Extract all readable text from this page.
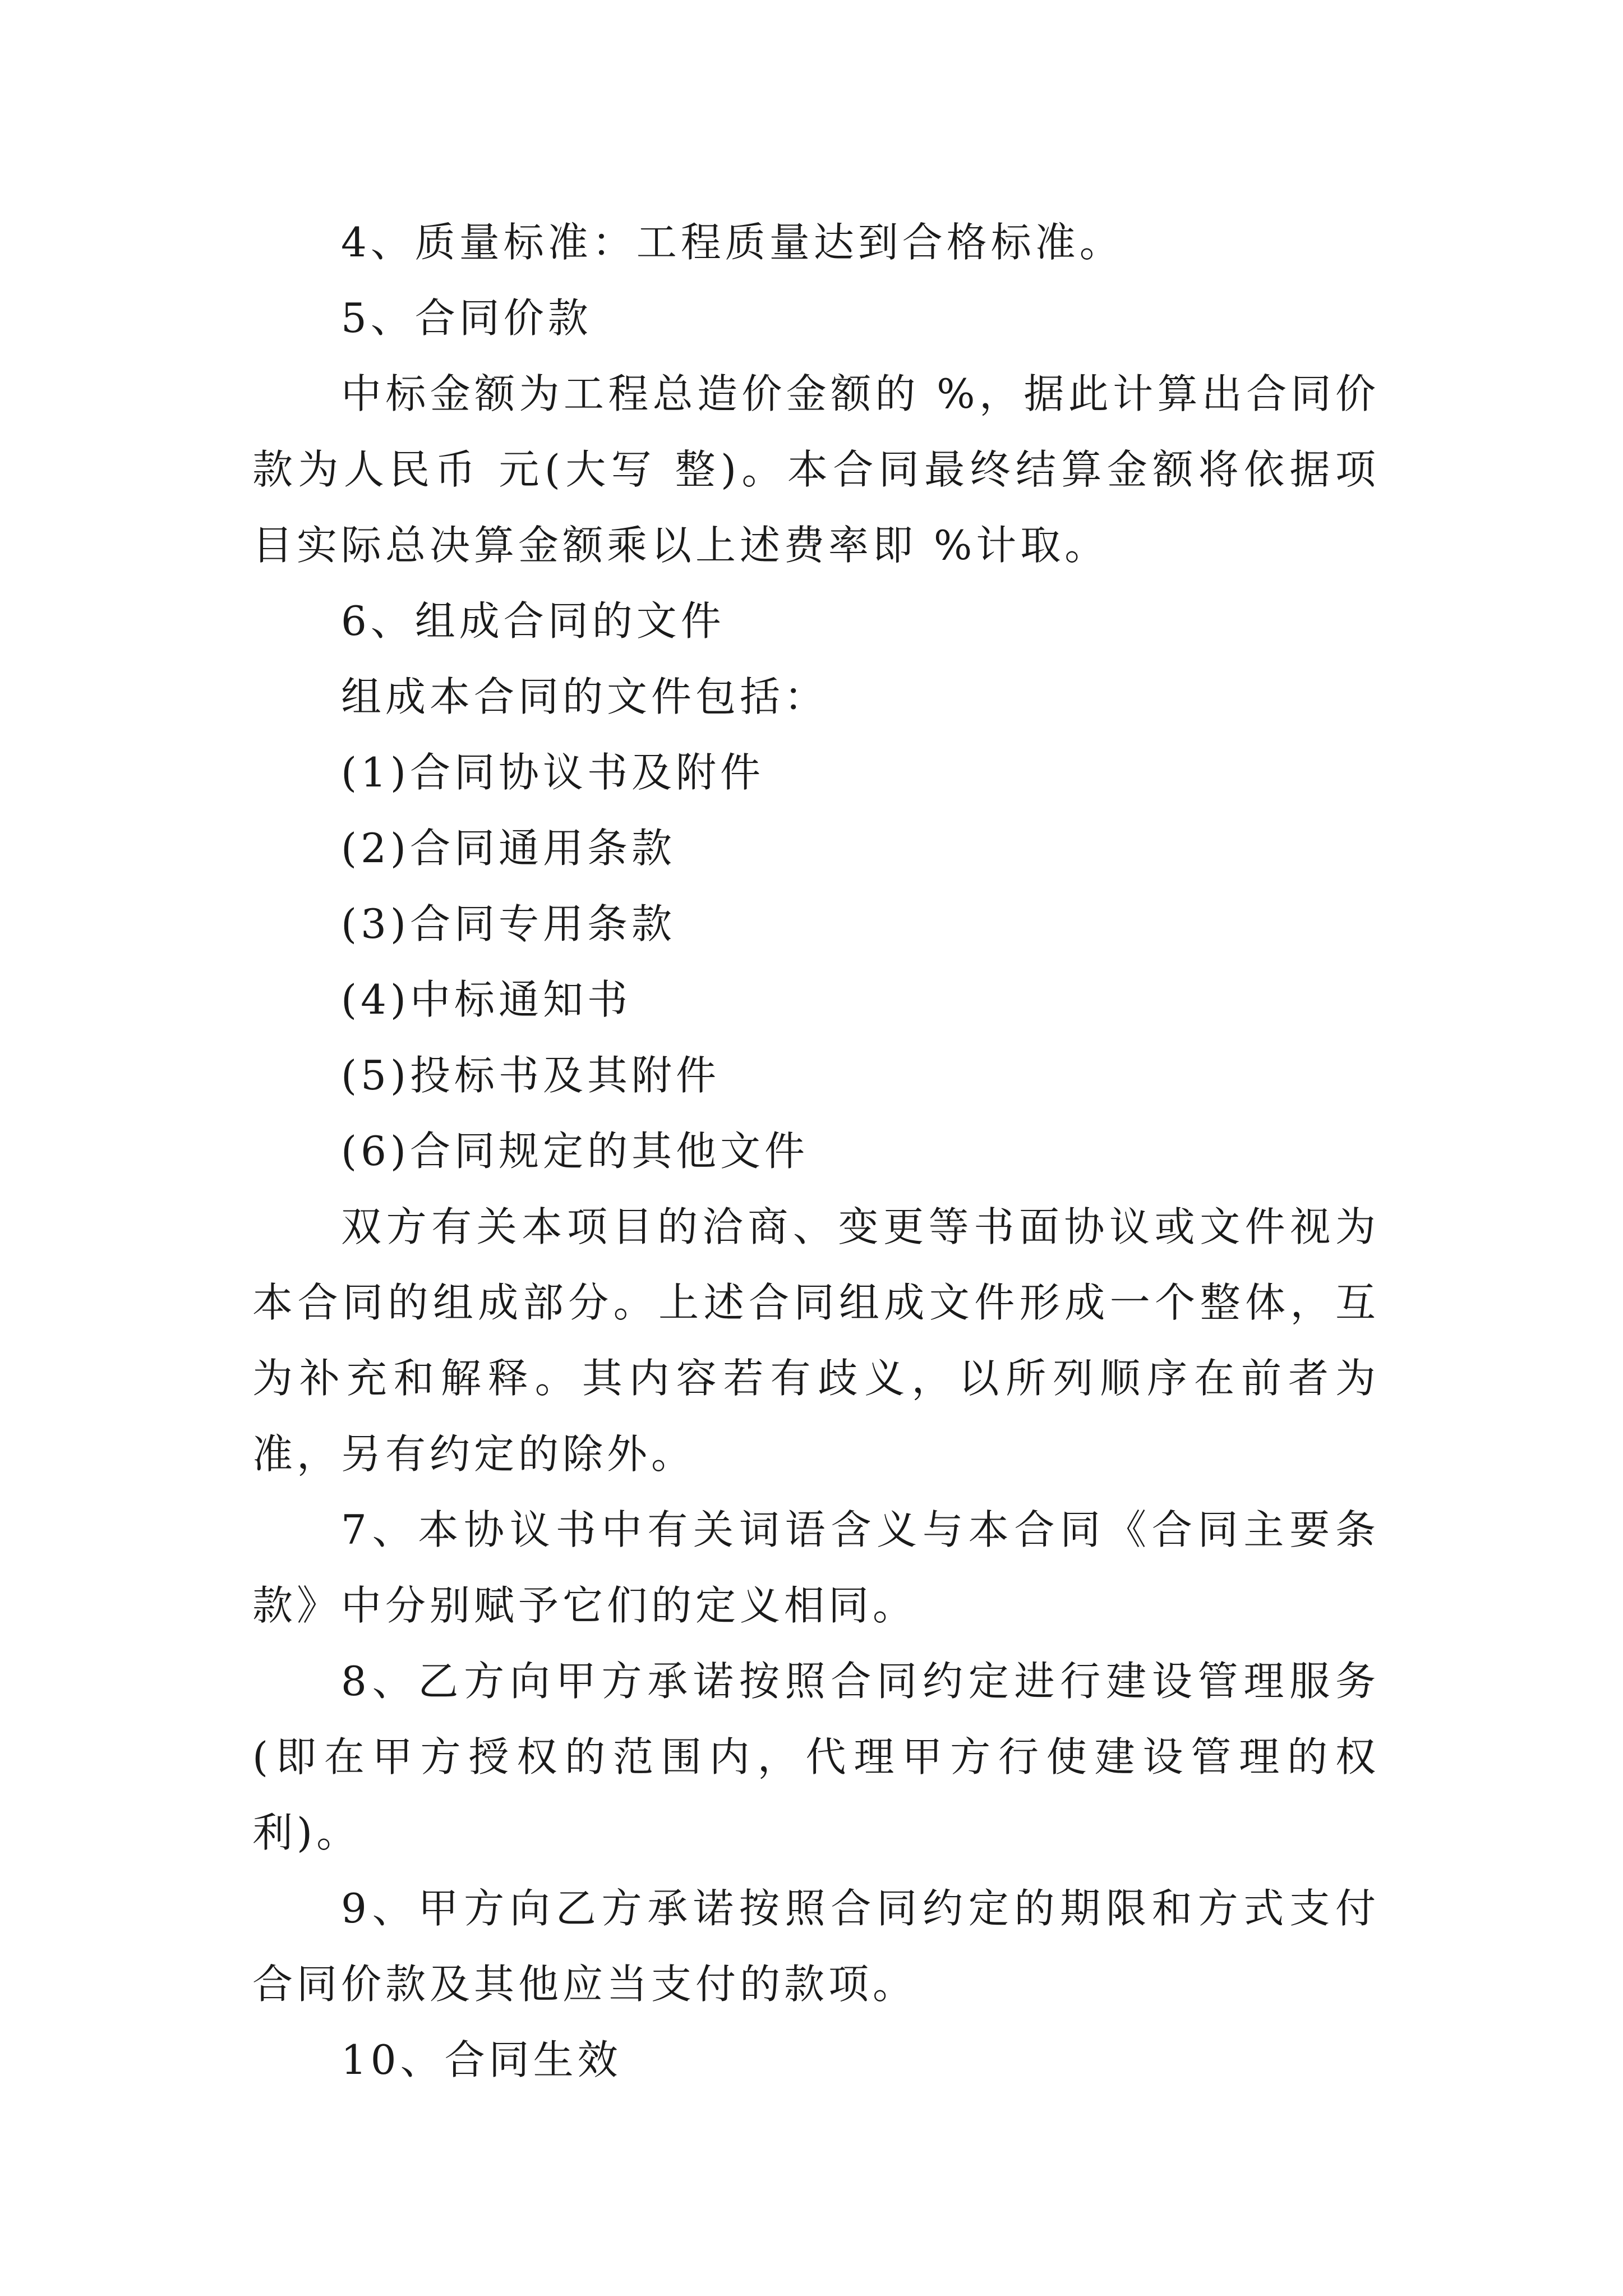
4、质量标准：工程质量达到合格标准。

5、合同价款

中标金额为工程总造价金额的 %，据此计算出合同价款为人民币 元(大写 整)。本合同最终结算金额将依据项目实际总决算金额乘以上述费率即 %计取。

6、组成合同的文件

组成本合同的文件包括：

(1)合同协议书及附件

(2)合同通用条款

(3)合同专用条款

(4)中标通知书

(5)投标书及其附件

(6)合同规定的其他文件

双方有关本项目的洽商、变更等书面协议或文件视为本合同的组成部分。上述合同组成文件形成一个整体，互为补充和解释。其内容若有歧义，以所列顺序在前者为准，另有约定的除外。

7、本协议书中有关词语含义与本合同《合同主要条款》中分别赋予它们的定义相同。

8、乙方向甲方承诺按照合同约定进行建设管理服务(即在甲方授权的范围内，代理甲方行使建设管理的权利)。

9、甲方向乙方承诺按照合同约定的期限和方式支付合同价款及其他应当支付的款项。

10、合同生效
